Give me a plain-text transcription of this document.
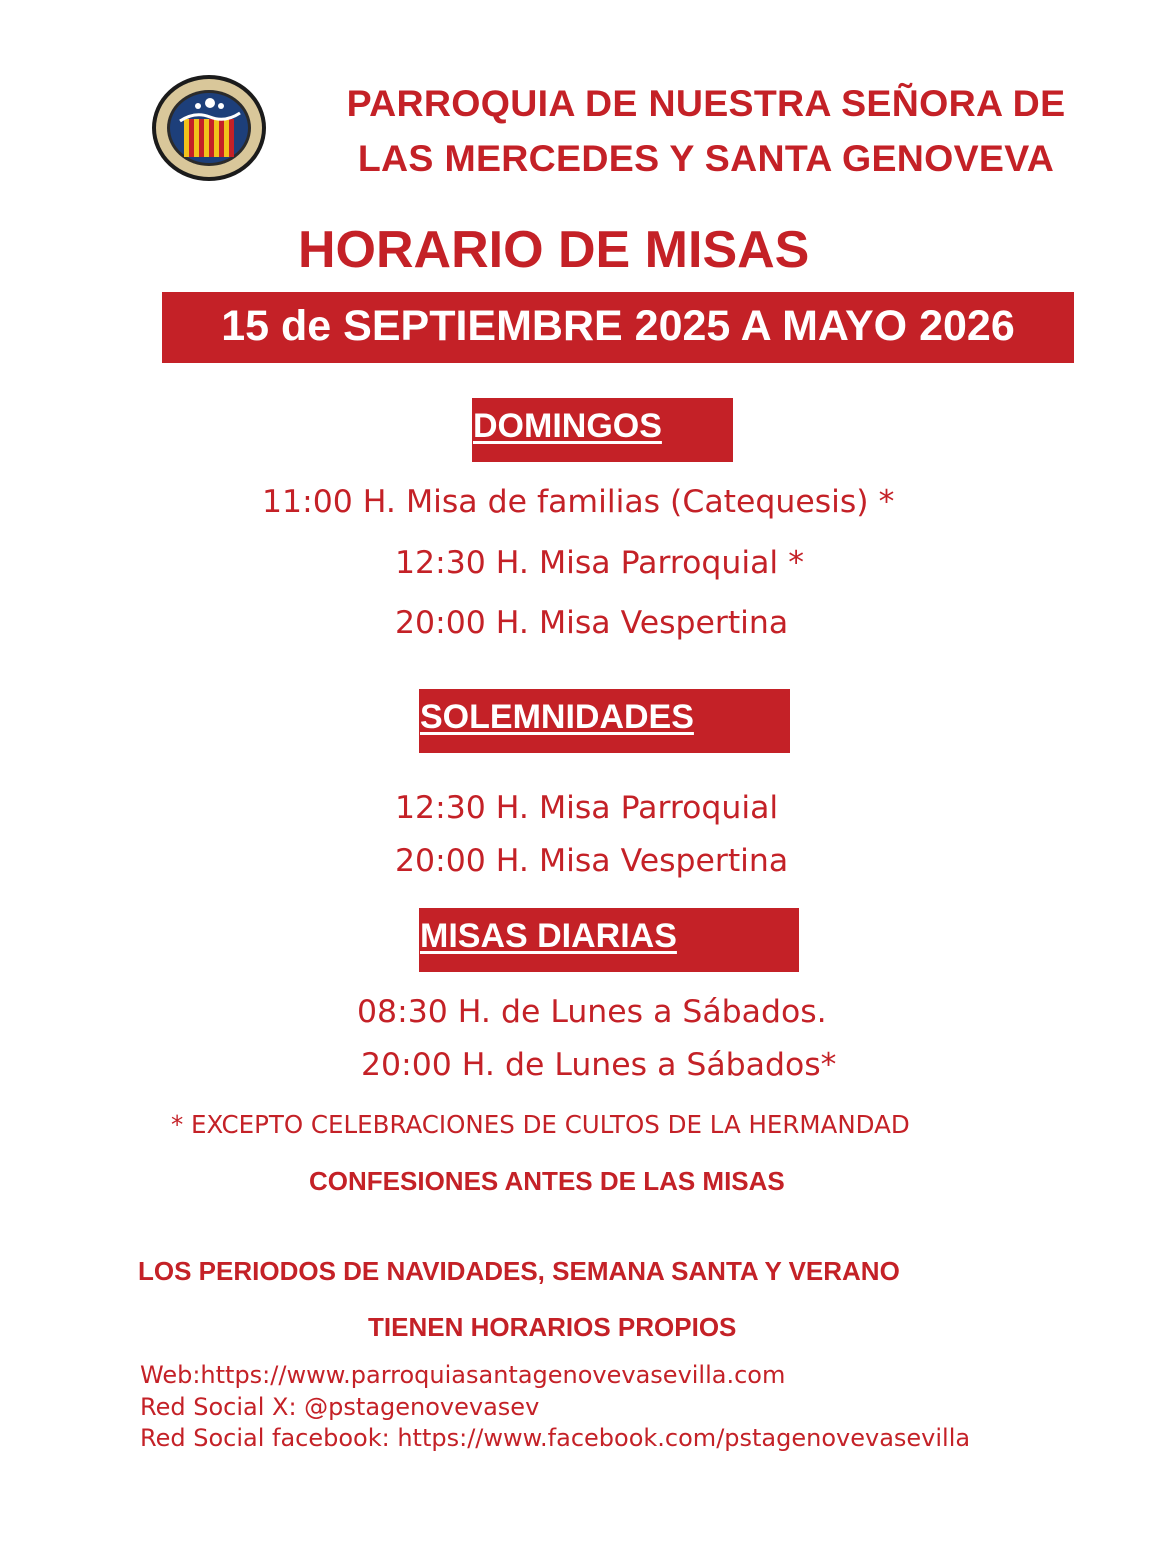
PARROQUIA DE NUESTRA SEÑORA DE
LAS MERCEDES Y SANTA GENOVEVA
HORARIO DE MISAS
15 de SEPTIEMBRE 2025 A MAYO 2026
DOMINGOS
11:00 H. Misa de familias (Catequesis) *
12:30 H. Misa Parroquial *
20:00 H. Misa Vespertina
SOLEMNIDADES
12:30 H. Misa Parroquial
20:00 H. Misa Vespertina
MISAS DIARIAS
08:30 H. de Lunes a Sábados.
20:00 H. de Lunes a Sábados*
* EXCEPTO CELEBRACIONES DE CULTOS DE LA HERMANDAD
CONFESIONES ANTES DE LAS MISAS
LOS PERIODOS DE NAVIDADES, SEMANA SANTA Y VERANO
TIENEN HORARIOS PROPIOS
Web:https://www.parroquiasantagenovevasevilla.com
Red Social X: @pstagenovevasev
Red Social facebook: https://www.facebook.com/pstagenovevasevilla
